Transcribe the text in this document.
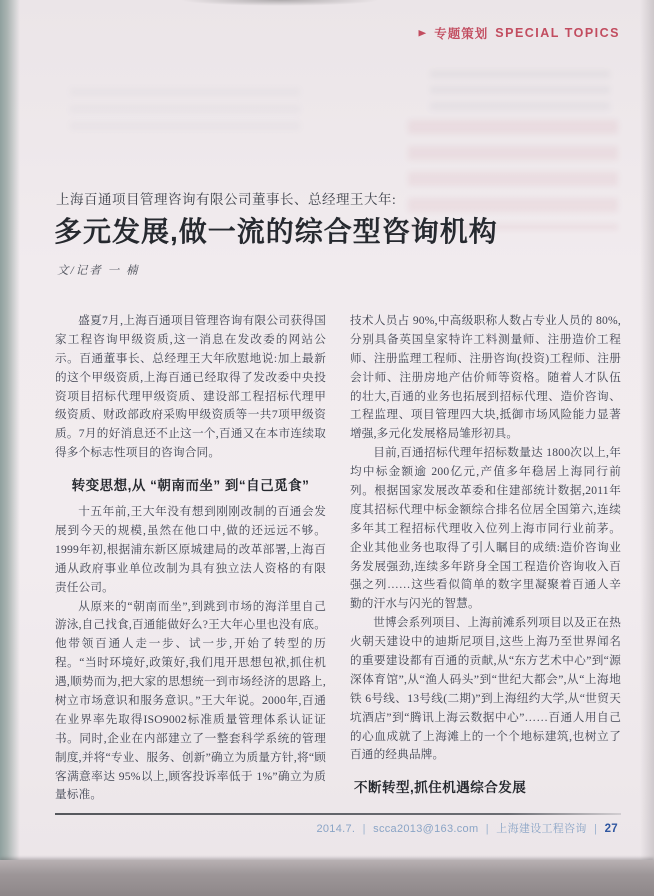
▶ 专题策划 SPECIAL TOPICS
上海百通项目管理咨询有限公司董事长、总经理王大年:
多元发展,做一流的综合型咨询机构
文/记者 一 楠

盛夏7月,上海百通项目管理咨询有限公司获得国家工程咨询甲级资质,这一消息在发改委的网站公示。百通董事长、总经理王大年欣慰地说:加上最新的这个甲级资质,上海百通已经取得了发改委中央投资项目招标代理甲级资质、建设部工程招标代理甲级资质、财政部政府采购甲级资质等一共7项甲级资质。7月的好消息还不止这一个,百通又在本市连续取得多个标志性项目的咨询合同。

转变思想,从 “朝南而坐” 到“自己觅食”

十五年前,王大年没有想到刚刚改制的百通会发展到今天的规模,虽然在他口中,做的还远远不够。1999年初,根据浦东新区原城建局的改革部署,上海百通从政府事业单位改制为具有独立法人资格的有限责任公司。

从原来的“朝南而坐”,到跳到市场的海洋里自己游泳,自己找食,百通能做好么?王大年心里也没有底。他带领百通人走一步、试一步,开始了转型的历程。“当时环境好,政策好,我们甩开思想包袱,抓住机遇,顺势而为,把大家的思想统一到市场经济的思路上,树立市场意识和服务意识。”王大年说。2000年,百通在业界率先取得ISO9002标准质量管理体系认证证书。同时,企业在内部建立了一整套科学系统的管理制度,并将“专业、服务、创新”确立为质量方针,将“顾客满意率达 95%以上,顾客投诉率低于 1%”确立为质量标准。

技术人员占 90%,中高级职称人数占专业人员的 80%,分别具备英国皇家特许工料测量师、注册造价工程师、注册监理工程师、注册咨询(投资)工程师、注册会计师、注册房地产估价师等资格。随着人才队伍的壮大,百通的业务也拓展到招标代理、造价咨询、工程监理、项目管理四大块,抵御市场风险能力显著增强,多元化发展格局雏形初具。

目前,百通招标代理年招标数量达 1800次以上,年均中标金额逾 200亿元,产值多年稳居上海同行前列。根据国家发展改革委和住建部统计数据,2011年度其招标代理中标金额综合排名位居全国第六,连续多年其工程招标代理收入位列上海市同行业前茅。企业其他业务也取得了引人瞩目的成绩:造价咨询业务发展强劲,连续多年跻身全国工程造价咨询收入百强之列……这些看似简单的数字里凝聚着百通人辛勤的汗水与闪光的智慧。

世博会系列项目、上海前滩系列项目以及正在热火朝天建设中的迪斯尼项目,这些上海乃至世界闻名的重要建设都有百通的贡献,从“东方艺术中心”到“源深体育馆”,从“渔人码头”到“世纪大都会”,从“上海地铁 6号线、13号线(二期)”到上海纽约大学,从“世贸天坑酒店”到“腾讯上海云数据中心”……百通人用自己的心血成就了上海滩上的一个个地标建筑,也树立了百通的经典品牌。

不断转型,抓住机遇综合发展

2014.7. | scca2013@163.com | 上海建设工程咨询 | 27
